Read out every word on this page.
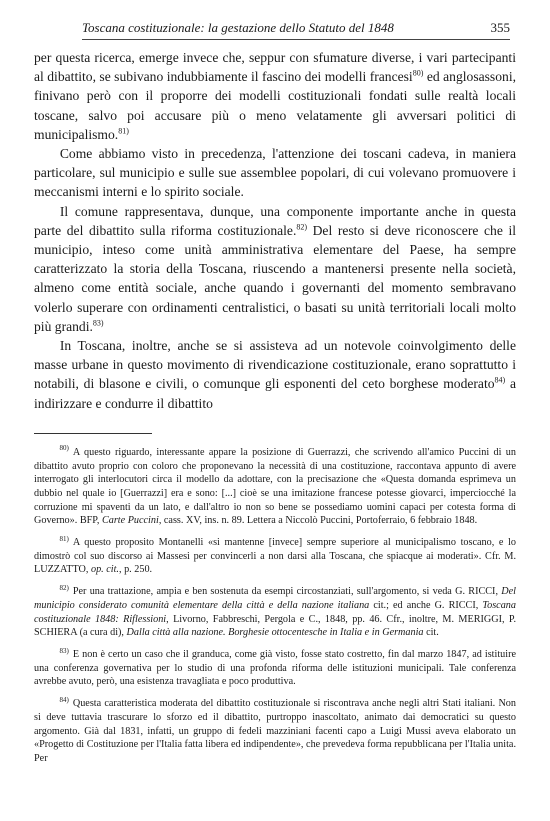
Toscana costituzionale: la gestazione dello Statuto del 1848	355

per questa ricerca, emerge invece che, seppur con sfumature diverse, i vari partecipanti al dibattito, se subivano indubbiamente il fascino dei modelli francesi$^{80)}$ ed anglosassoni, finivano però con il proporre dei modelli costituzionali fondati sulle realtà locali toscane, salvo poi accusare più o meno velatamente gli avversari politici di municipalismo.$^{81)}$

Come abbiamo visto in precedenza, l'attenzione dei toscani cadeva, in maniera particolare, sul municipio e sulle sue assemblee popolari, di cui volevano promuovere i meccanismi interni e lo spirito sociale.

Il comune rappresentava, dunque, una componente importante anche in questa parte del dibattito sulla riforma costituzionale.$^{82)}$ Del resto si deve riconoscere che il municipio, inteso come unità amministrativa elementare del Paese, ha sempre caratterizzato la storia della Toscana, riuscendo a mantenersi presente nella società, almeno come entità sociale, anche quando i governanti del momento sembravano volerlo superare con ordinamenti centralistici, o basati su unità territoriali locali molto più grandi.$^{83)}$

In Toscana, inoltre, anche se si assisteva ad un notevole coinvolgimento delle masse urbane in questo movimento di rivendicazione costituzionale, erano soprattutto i notabili, di blasone e civili, o comunque gli esponenti del ceto borghese moderato$^{84)}$ a indirizzare e condurre il dibattito

$^{80)}$ A questo riguardo, interessante appare la posizione di Guerrazzi, che scrivendo all'amico Puccini di un dibattito avuto proprio con coloro che proponevano la necessità di una costituzione, raccontava appunto di avere interrogato gli interlocutori circa il modello da adottare, con la precisazione che «Questa domanda esprimeva un dubbio nel quale io [Guerrazzi] era e sono: [...] cioè se una imitazione francese potesse giovarci, imperciocché la corruzione mi spaventi da un lato, e dall'altro io non so bene se possediamo uomini capaci per cotesta forma di Governo». BFP, Carte Puccini, cass. XV, ins. n. 89. Lettera a Niccolò Puccini, Portoferraio, 6 febbraio 1848.

$^{81)}$ A questo proposito Montanelli «si mantenne [invece] sempre superiore al municipalismo toscano, e lo dimostrò col suo discorso ai Massesi per convincerli a non darsi alla Toscana, che spiacque ai moderati». Cfr. M. LUZZATTO, op. cit., p. 250.

$^{82)}$ Per una trattazione, ampia e ben sostenuta da esempi circostanziati, sull'argomento, si veda G. RICCI, Del municipio considerato comunità elementare della città e della nazione italiana cit.; ed anche G. RICCI, Toscana costituzionale 1848: Riflessioni, Livorno, Fabbreschi, Pergola e C., 1848, pp. 46. Cfr., inoltre, M. MERIGGI, P. SCHIERA (a cura di), Dalla città alla nazione. Borghesie ottocentesche in Italia e in Germania cit.

$^{83)}$ E non è certo un caso che il granduca, come già visto, fosse stato costretto, fin dal marzo 1847, ad istituire una conferenza governativa per lo studio di una profonda riforma delle istituzioni municipali. Tale conferenza avrebbe avuto, però, una esistenza travagliata e poco produttiva.

$^{84)}$ Questa caratteristica moderata del dibattito costituzionale si riscontrava anche negli altri Stati italiani. Non si deve tuttavia trascurare lo sforzo ed il dibattito, purtroppo inascoltato, animato dai democratici su questo argomento. Già dal 1831, infatti, un gruppo di fedeli mazziniani facenti capo a Luigi Mussi aveva elaborato un «Progetto di Costituzione per l'Italia fatta libera ed indipendente», che prevedeva forma repubblicana per l'Italia unita. Per
